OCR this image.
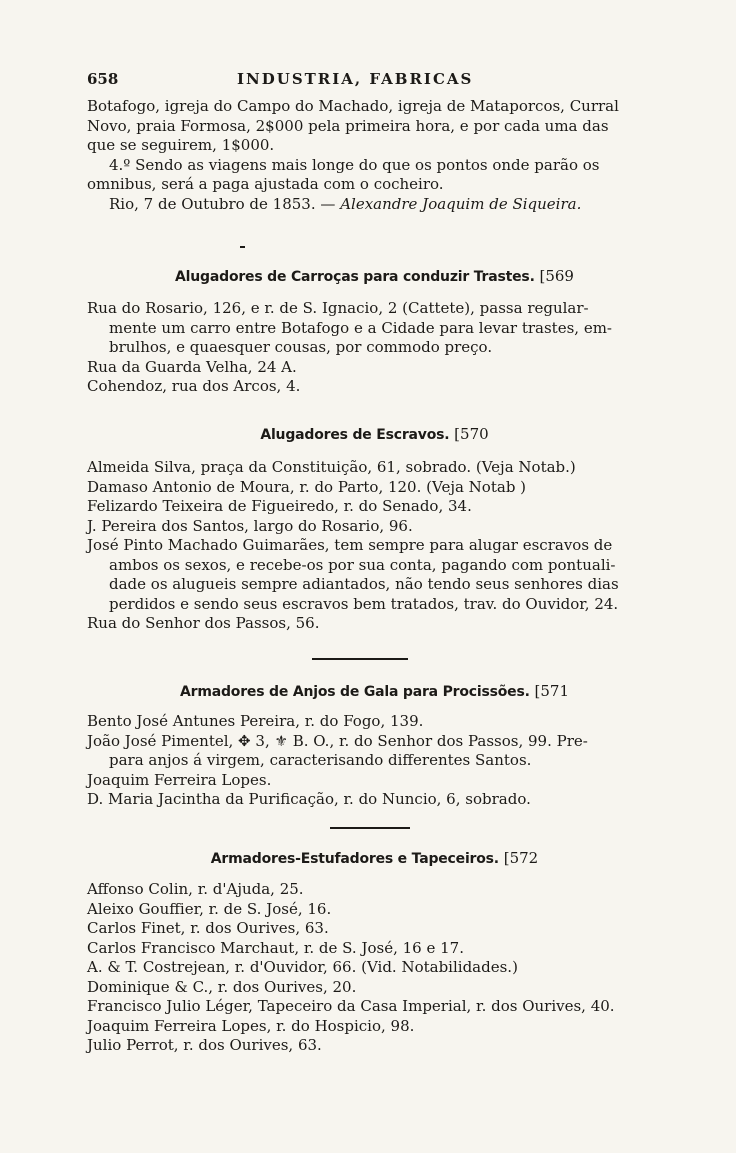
658	INDUSTRIA, FABRICAS
Botafogo, igreja do Campo do Machado, igreja de Mataporcos, Curral
Novo, praia Formosa, 2$000 pela primeira hora, e por cada uma das
que se seguirem, 1$000.
4.º Sendo as viagens mais longe do que os pontos onde parão os
omnibus, será a paga ajustada com o cocheiro.
Rio, 7 de Outubro de 1853. — Alexandre Joaquim de Siqueira.
Alugadores de Carroças para conduzir Trastes. [569
Rua do Rosario, 126, e r. de S. Ignacio, 2 (Cattete), passa regular-
mente um carro entre Botafogo e a Cidade para levar trastes, em-
brulhos, e quaesquer cousas, por commodo preço.
Rua da Guarda Velha, 24 A.
Cohendoz, rua dos Arcos, 4.
Alugadores de Escravos. [570
Almeida Silva, praça da Constituição, 61, sobrado. (Veja Notab.)
Damaso Antonio de Moura, r. do Parto, 120. (Veja Notab )
Felizardo Teixeira de Figueiredo, r. do Senado, 34.
J. Pereira dos Santos, largo do Rosario, 96.
José Pinto Machado Guimarães, tem sempre para alugar escravos de
ambos os sexos, e recebe-os por sua conta, pagando com pontuali-
dade os alugueis sempre adiantados, não tendo seus senhores dias
perdidos e sendo seus escravos bem tratados, trav. do Ouvidor, 24.
Rua do Senhor dos Passos, 56.
Armadores de Anjos de Gala para Procissões. [571
Bento José Antunes Pereira, r. do Fogo, 139.
João José Pimentel, ✥ 3, ⚜ B. O., r. do Senhor dos Passos, 99. Pre-
para anjos á virgem, caracterisando differentes Santos.
Joaquim Ferreira Lopes.
D. Maria Jacintha da Purificação, r. do Nuncio, 6, sobrado.
Armadores-Estufadores e Tapeceiros. [572
Affonso Colin, r. d'Ajuda, 25.
Aleixo Gouffier, r. de S. José, 16.
Carlos Finet, r. dos Ourives, 63.
Carlos Francisco Marchaut, r. de S. José, 16 e 17.
A. & T. Costrejean, r. d'Ouvidor, 66. (Vid. Notabilidades.)
Dominique & C., r. dos Ourives, 20.
Francisco Julio Léger, Tapeceiro da Casa Imperial, r. dos Ourives, 40.
Joaquim Ferreira Lopes, r. do Hospicio, 98.
Julio Perrot, r. dos Ourives, 63.
